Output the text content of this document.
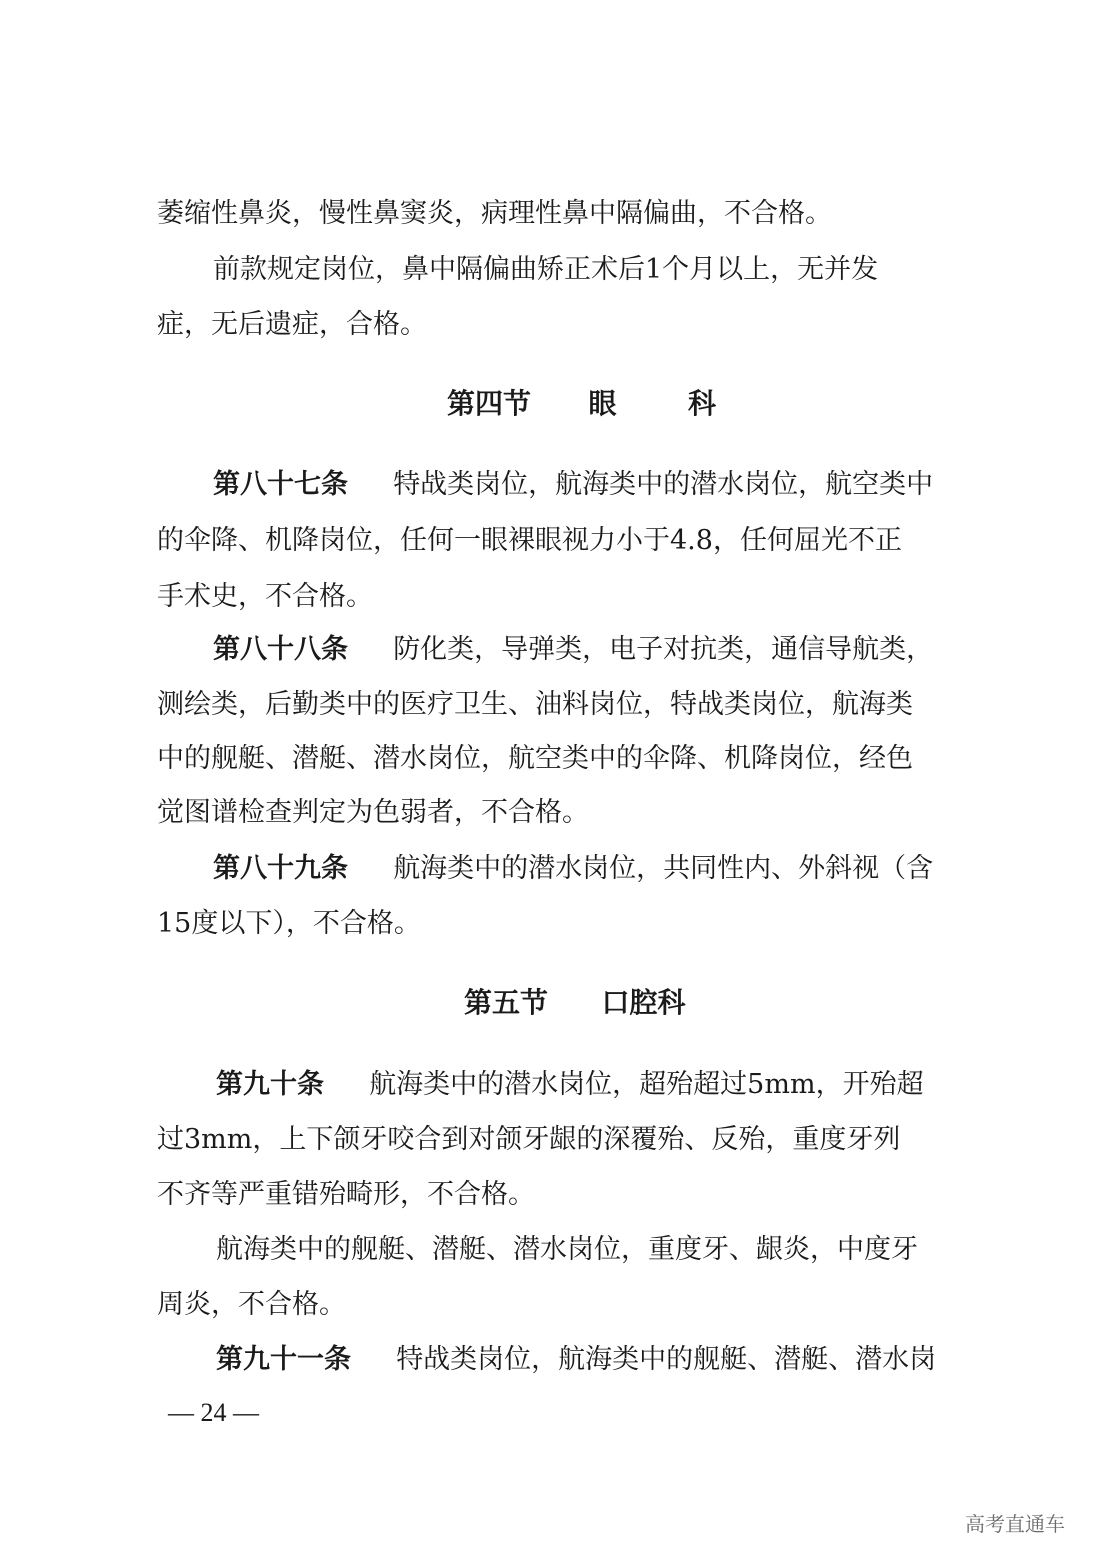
萎缩性鼻炎，慢性鼻窦炎，病理性鼻中隔偏曲，不合格。
前款规定岗位，鼻中隔偏曲矫正术后1个月以上，无并发
症，无后遗症，合格。
第四节 眼	科
第八十七条 特战类岗位，航海类中的潜水岗位，航空类中
的伞降、机降岗位，任何一眼裸眼视力小于4.8，任何屈光不正
手术史，不合格。
第八十八条 防化类，导弹类，电子对抗类，通信导航类，
测绘类，后勤类中的医疗卫生、油料岗位，特战类岗位，航海类
中的舰艇、潜艇、潜水岗位，航空类中的伞降、机降岗位，经色
觉图谱检查判定为色弱者，不合格。
第八十九条 航海类中的潜水岗位，共同性内、外斜视（含
15度以下），不合格。
第五节 口腔科
第九十条 航海类中的潜水岗位，超殆超过5mm，开殆超
过3mm，上下颌牙咬合到对颌牙龈的深覆殆、反殆，重度牙列
不齐等严重错殆畸形，不合格。
航海类中的舰艇、潜艇、潜水岗位，重度牙、龈炎，中度牙
周炎，不合格。
第九十一条 特战类岗位，航海类中的舰艇、潜艇、潜水岗
— 24 —
高考直通车
